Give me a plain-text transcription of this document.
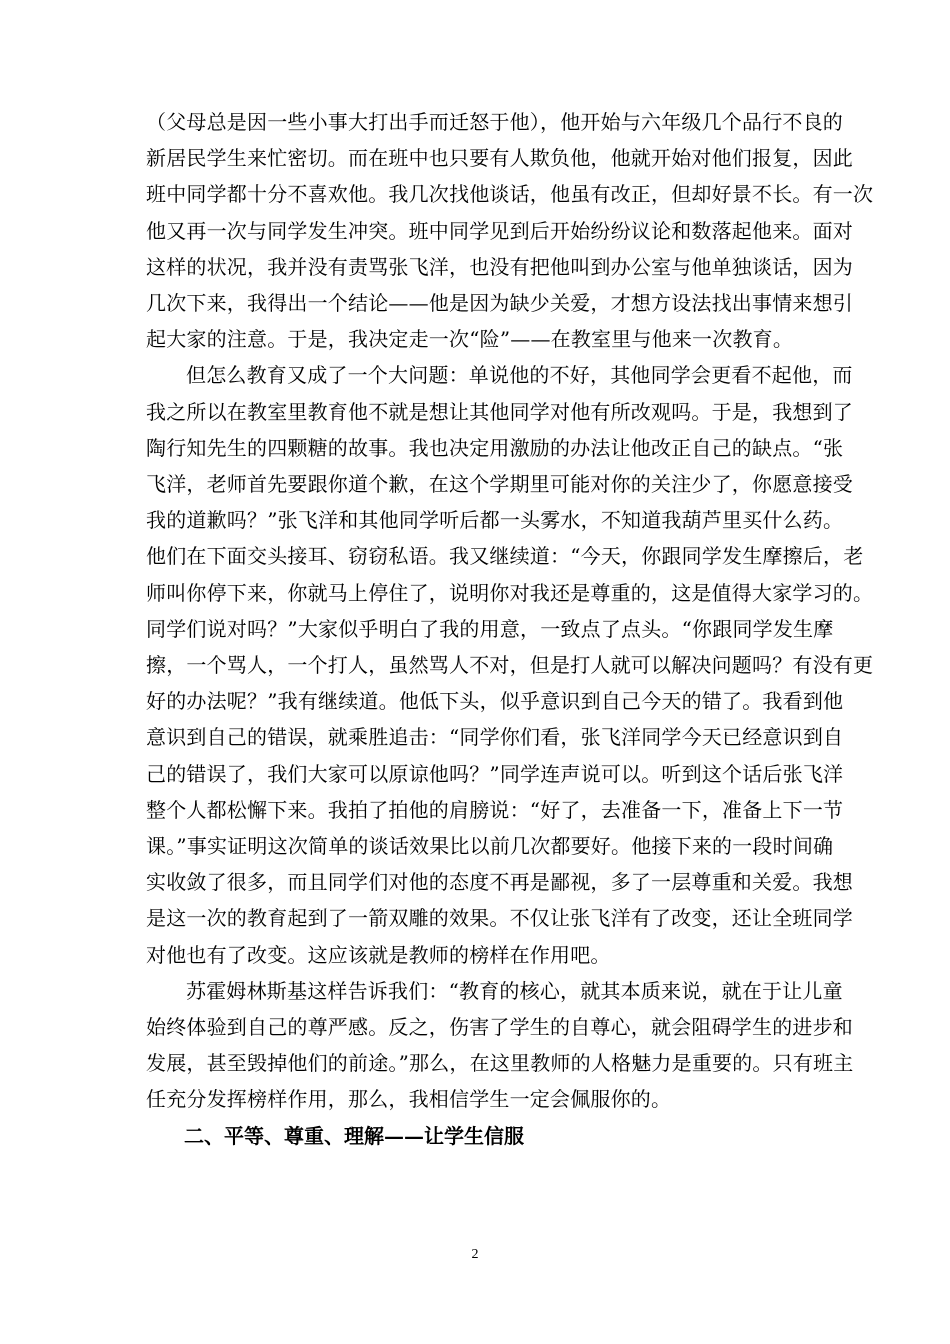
（父母总是因一些小事大打出手而迁怒于他），他开始与六年级几个品行不良的

新居民学生来忙密切。而在班中也只要有人欺负他，他就开始对他们报复，因此

班中同学都十分不喜欢他。我几次找他谈话，他虽有改正，但却好景不长。有一次

他又再一次与同学发生冲突。班中同学见到后开始纷纷议论和数落起他来。面对

这样的状况，我并没有责骂张飞洋，也没有把他叫到办公室与他单独谈话，因为

几次下来，我得出一个结论——他是因为缺少关爱，才想方设法找出事情来想引

起大家的注意。于是，我决定走一次“险”——在教室里与他来一次教育。

但怎么教育又成了一个大问题：单说他的不好，其他同学会更看不起他，而

我之所以在教室里教育他不就是想让其他同学对他有所改观吗。于是，我想到了

陶行知先生的四颗糖的故事。我也决定用激励的办法让他改正自己的缺点。“张

飞洋，老师首先要跟你道个歉，在这个学期里可能对你的关注少了，你愿意接受

我的道歉吗？”张飞洋和其他同学听后都一头雾水，不知道我葫芦里买什么药。

他们在下面交头接耳、窃窃私语。我又继续道：“今天，你跟同学发生摩擦后，老

师叫你停下来，你就马上停住了，说明你对我还是尊重的，这是值得大家学习的。

同学们说对吗？”大家似乎明白了我的用意，一致点了点头。“你跟同学发生摩

擦，一个骂人，一个打人，虽然骂人不对，但是打人就可以解决问题吗？有没有更

好的办法呢？”我有继续道。他低下头，似乎意识到自己今天的错了。我看到他

意识到自己的错误，就乘胜追击：“同学你们看，张飞洋同学今天已经意识到自

己的错误了，我们大家可以原谅他吗？”同学连声说可以。听到这个话后张飞洋

整个人都松懈下来。我拍了拍他的肩膀说：“好了，去准备一下，准备上下一节

课。”事实证明这次简单的谈话效果比以前几次都要好。他接下来的一段时间确

实收敛了很多，而且同学们对他的态度不再是鄙视，多了一层尊重和关爱。我想

是这一次的教育起到了一箭双雕的效果。不仅让张飞洋有了改变，还让全班同学

对他也有了改变。这应该就是教师的榜样在作用吧。

苏霍姆林斯基这样告诉我们：“教育的核心，就其本质来说，就在于让儿童

始终体验到自己的尊严感。反之，伤害了学生的自尊心，就会阻碍学生的进步和

发展，甚至毁掉他们的前途。”那么，在这里教师的人格魅力是重要的。只有班主

任充分发挥榜样作用，那么，我相信学生一定会佩服你的。

二、平等、尊重、理解——让学生信服

2
